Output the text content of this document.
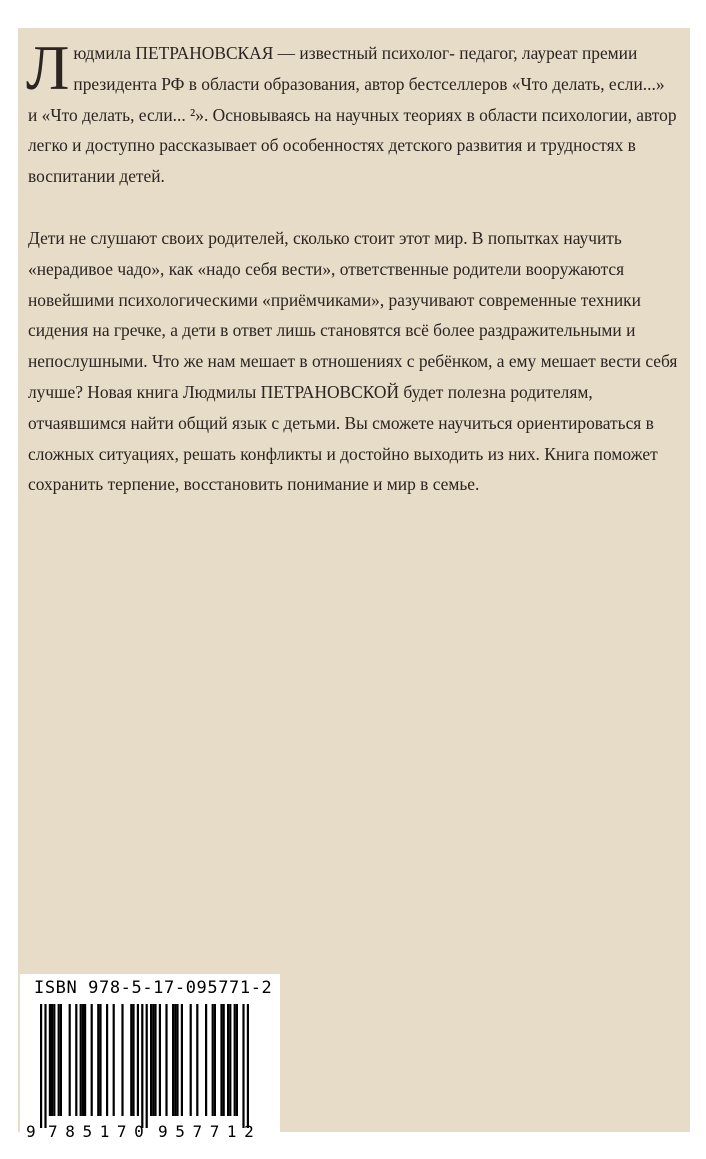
Людмила ПЕТРАНОВСКАЯ — известный психолог- педагог, лауреат премии президента РФ в области образования, автор бестселлеров «Что делать, если...» и «Что делать, если... ²». Основываясь на научных теориях в области психологии, автор легко и доступно рассказывает об особенностях детского развития и трудностях в воспитании детей.

Дети не слушают своих родителей, сколько стоит этот мир. В попытках научить «нерадивое чадо», как «надо себя вести», ответственные родители вооружаются новейшими психологическими «приёмчиками», разучивают современные техники сидения на гречке, а дети в ответ лишь становятся всё более раздражительными и непослушными. Что же нам мешает в отношениях с ребёнком, а ему мешает вести себя лучше? Новая книга Людмилы ПЕТРАНОВСКОЙ будет полезна родителям, отчаявшимся найти общий язык с детьми. Вы сможете научиться ориентироваться в сложных ситуациях, решать конфликты и достойно выходить из них. Книга поможет сохранить терпение, восстановить понимание и мир в семье.

ISBN 978-5-17-095771-2
9 785170 957712
